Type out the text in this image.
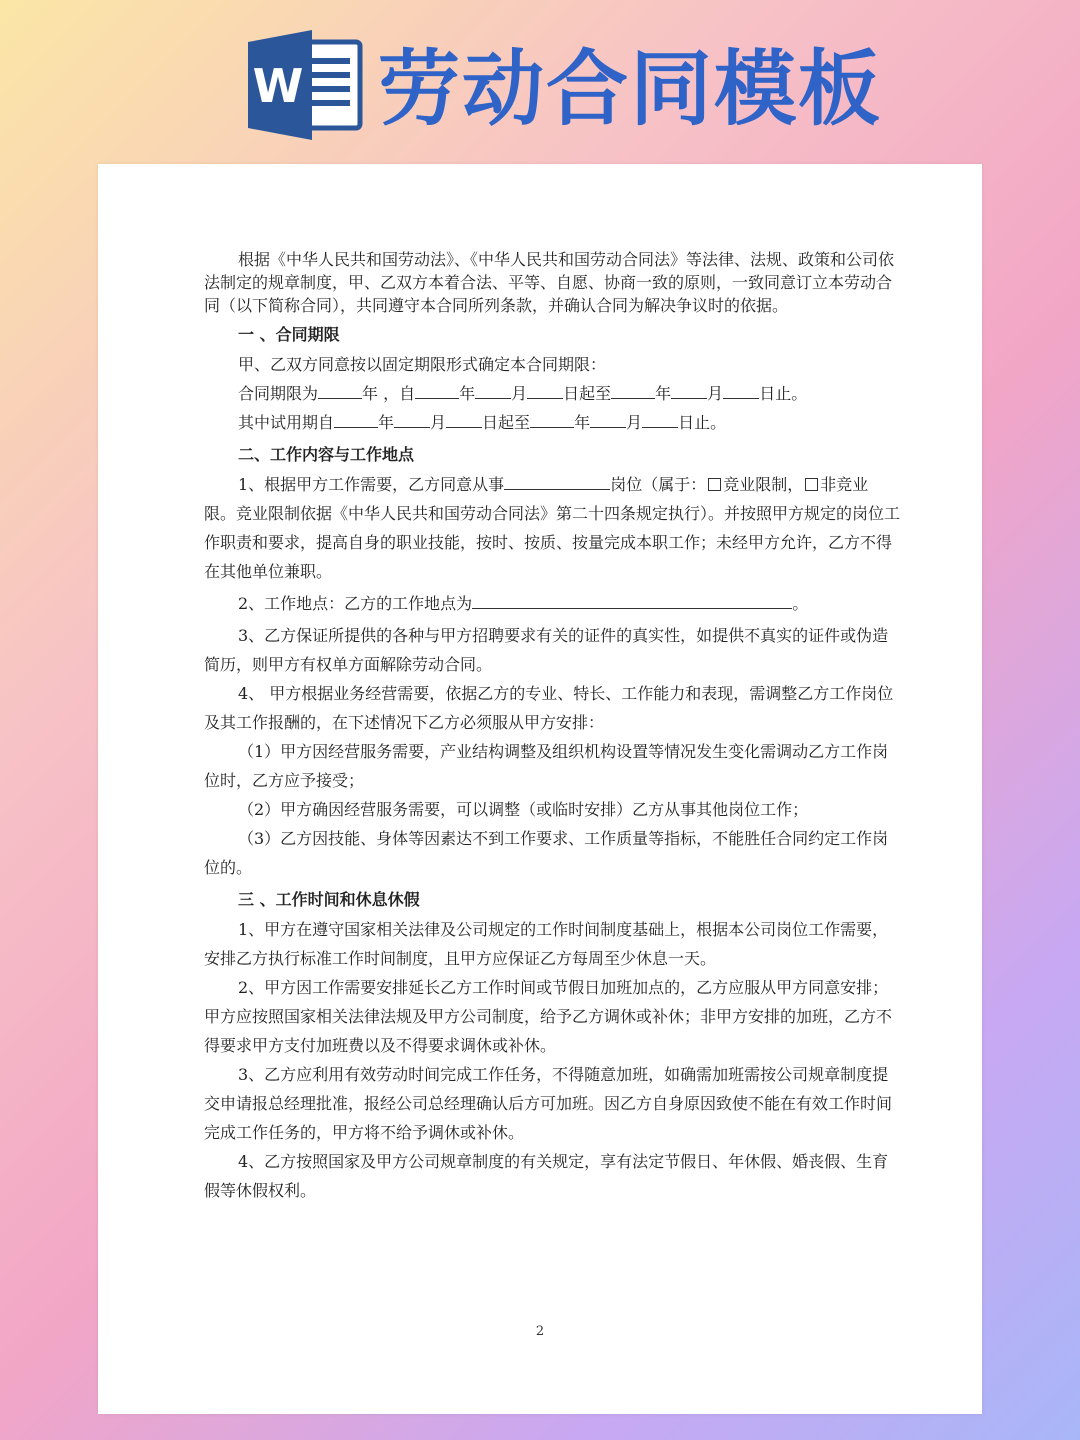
W 劳动合同模板

根据《中华人民共和国劳动法》、《中华人民共和国劳动合同法》等法律、法规、政策和公司依法制定的规章制度，甲、乙双方本着合法、平等、自愿、协商一致的原则，一致同意订立本劳动合同（以下简称合同），共同遵守本合同所列条款，并确认合同为解决争议时的依据。

一 、合同期限

甲、乙双方同意按以固定期限形式确定本合同期限：

合同期限为	年 ，自	年 月 日起至	年 月 日止。

其中试用期自	年 月 日起至	年 月 日止。

二、工作内容与工作地点

1、根据甲方工作需要，乙方同意从事	岗位（属于： 竞业限制， 非竞业限。竞业限制依据《中华人民共和国劳动合同法》第二十四条规定执行）。并按照甲方规定的岗位工作职责和要求，提高自身的职业技能，按时、按质、按量完成本职工作；未经甲方允许，乙方不得在其他单位兼职。

2、工作地点：乙方的工作地点为	。

3、乙方保证所提供的各种与甲方招聘要求有关的证件的真实性，如提供不真实的证件或伪造简历，则甲方有权单方面解除劳动合同。

4、 甲方根据业务经营需要，依据乙方的专业、特长、工作能力和表现，需调整乙方工作岗位及其工作报酬的，在下述情况下乙方必须服从甲方安排：

（1）甲方因经营服务需要，产业结构调整及组织机构设置等情况发生变化需调动乙方工作岗位时，乙方应予接受；

（2）甲方确因经营服务需要，可以调整（或临时安排）乙方从事其他岗位工作；

（3）乙方因技能、身体等因素达不到工作要求、工作质量等指标，不能胜任合同约定工作岗位的。

三 、工作时间和休息休假

1、甲方在遵守国家相关法律及公司规定的工作时间制度基础上，根据本公司岗位工作需要，安排乙方执行标准工作时间制度，且甲方应保证乙方每周至少休息一天。

2、甲方因工作需要安排延长乙方工作时间或节假日加班加点的，乙方应服从甲方同意安排；甲方应按照国家相关法律法规及甲方公司制度，给予乙方调休或补休；非甲方安排的加班，乙方不得要求甲方支付加班费以及不得要求调休或补休。

3、乙方应利用有效劳动时间完成工作任务，不得随意加班，如确需加班需按公司规章制度提交申请报总经理批准，报经公司总经理确认后方可加班。因乙方自身原因致使不能在有效工作时间完成工作任务的，甲方将不给予调休或补休。

4、乙方按照国家及甲方公司规章制度的有关规定，享有法定节假日、年休假、婚丧假、生育假等休假权利。

2
